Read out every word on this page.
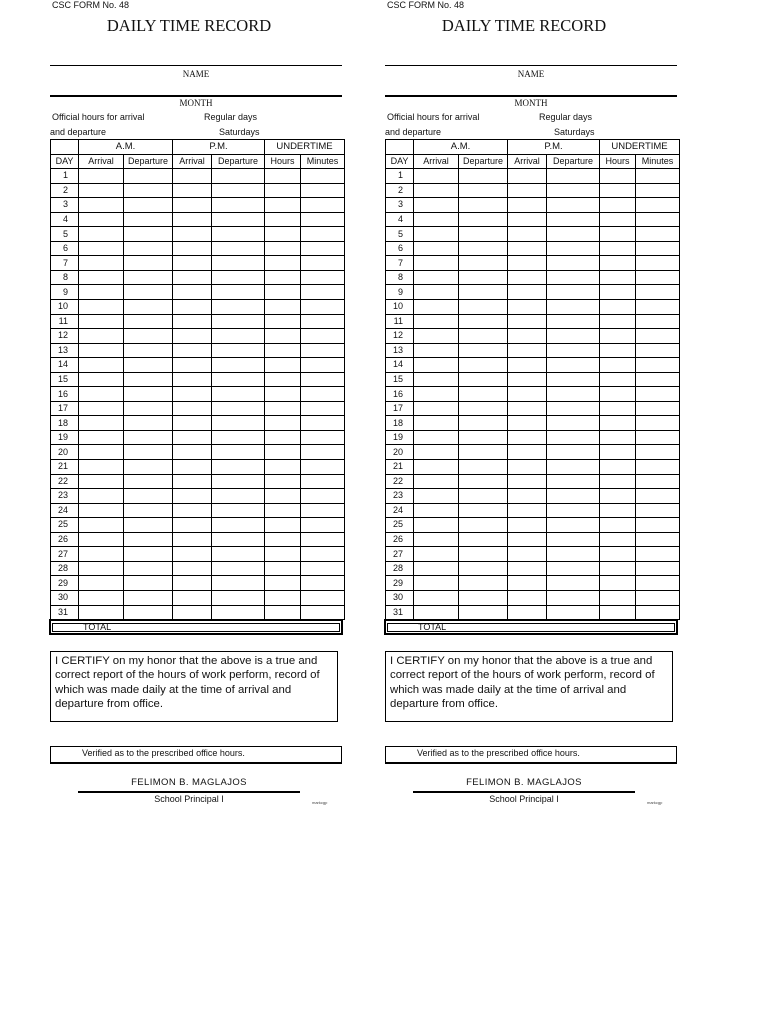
CSC FORM No. 48
DAILY TIME RECORD
NAME
MONTH
Official hours for arrival
and departure
Regular days
Saturdays
	A.M.		P.M.		UNDERTIME	
DAY	Arrival	Departure	Arrival	Departure	Hours	Minutes
1						
2						
3						
4						
5						
6						
7						
8						
9						
10						
11						
12						
13						
14						
15						
16						
17						
18						
19						
20						
21						
22						
23						
24						
25						
26						
27						
28						
29						
30						
31						
TOTAL
I CERTIFY on my honor that the above is a true and correct report of the hours of work perform, record of which was made daily at the time of arrival and departure from office.
Verified as to the prescribed office hours.
FELIMON B. MAGLAJOS
School Principal I	markcgp
CSC FORM No. 48
DAILY TIME RECORD
NAME
MONTH
Official hours for arrival
and departure
Regular days
Saturdays
	A.M.		P.M.		UNDERTIME	
DAY	Arrival	Departure	Arrival	Departure	Hours	Minutes
1						
2						
3						
4						
5						
6						
7						
8						
9						
10						
11						
12						
13						
14						
15						
16						
17						
18						
19						
20						
21						
22						
23						
24						
25						
26						
27						
28						
29						
30						
31						
TOTAL
I CERTIFY on my honor that the above is a true and correct report of the hours of work perform, record of which was made daily at the time of arrival and departure from office.
Verified as to the prescribed office hours.
FELIMON B. MAGLAJOS
School Principal I	markcgp
